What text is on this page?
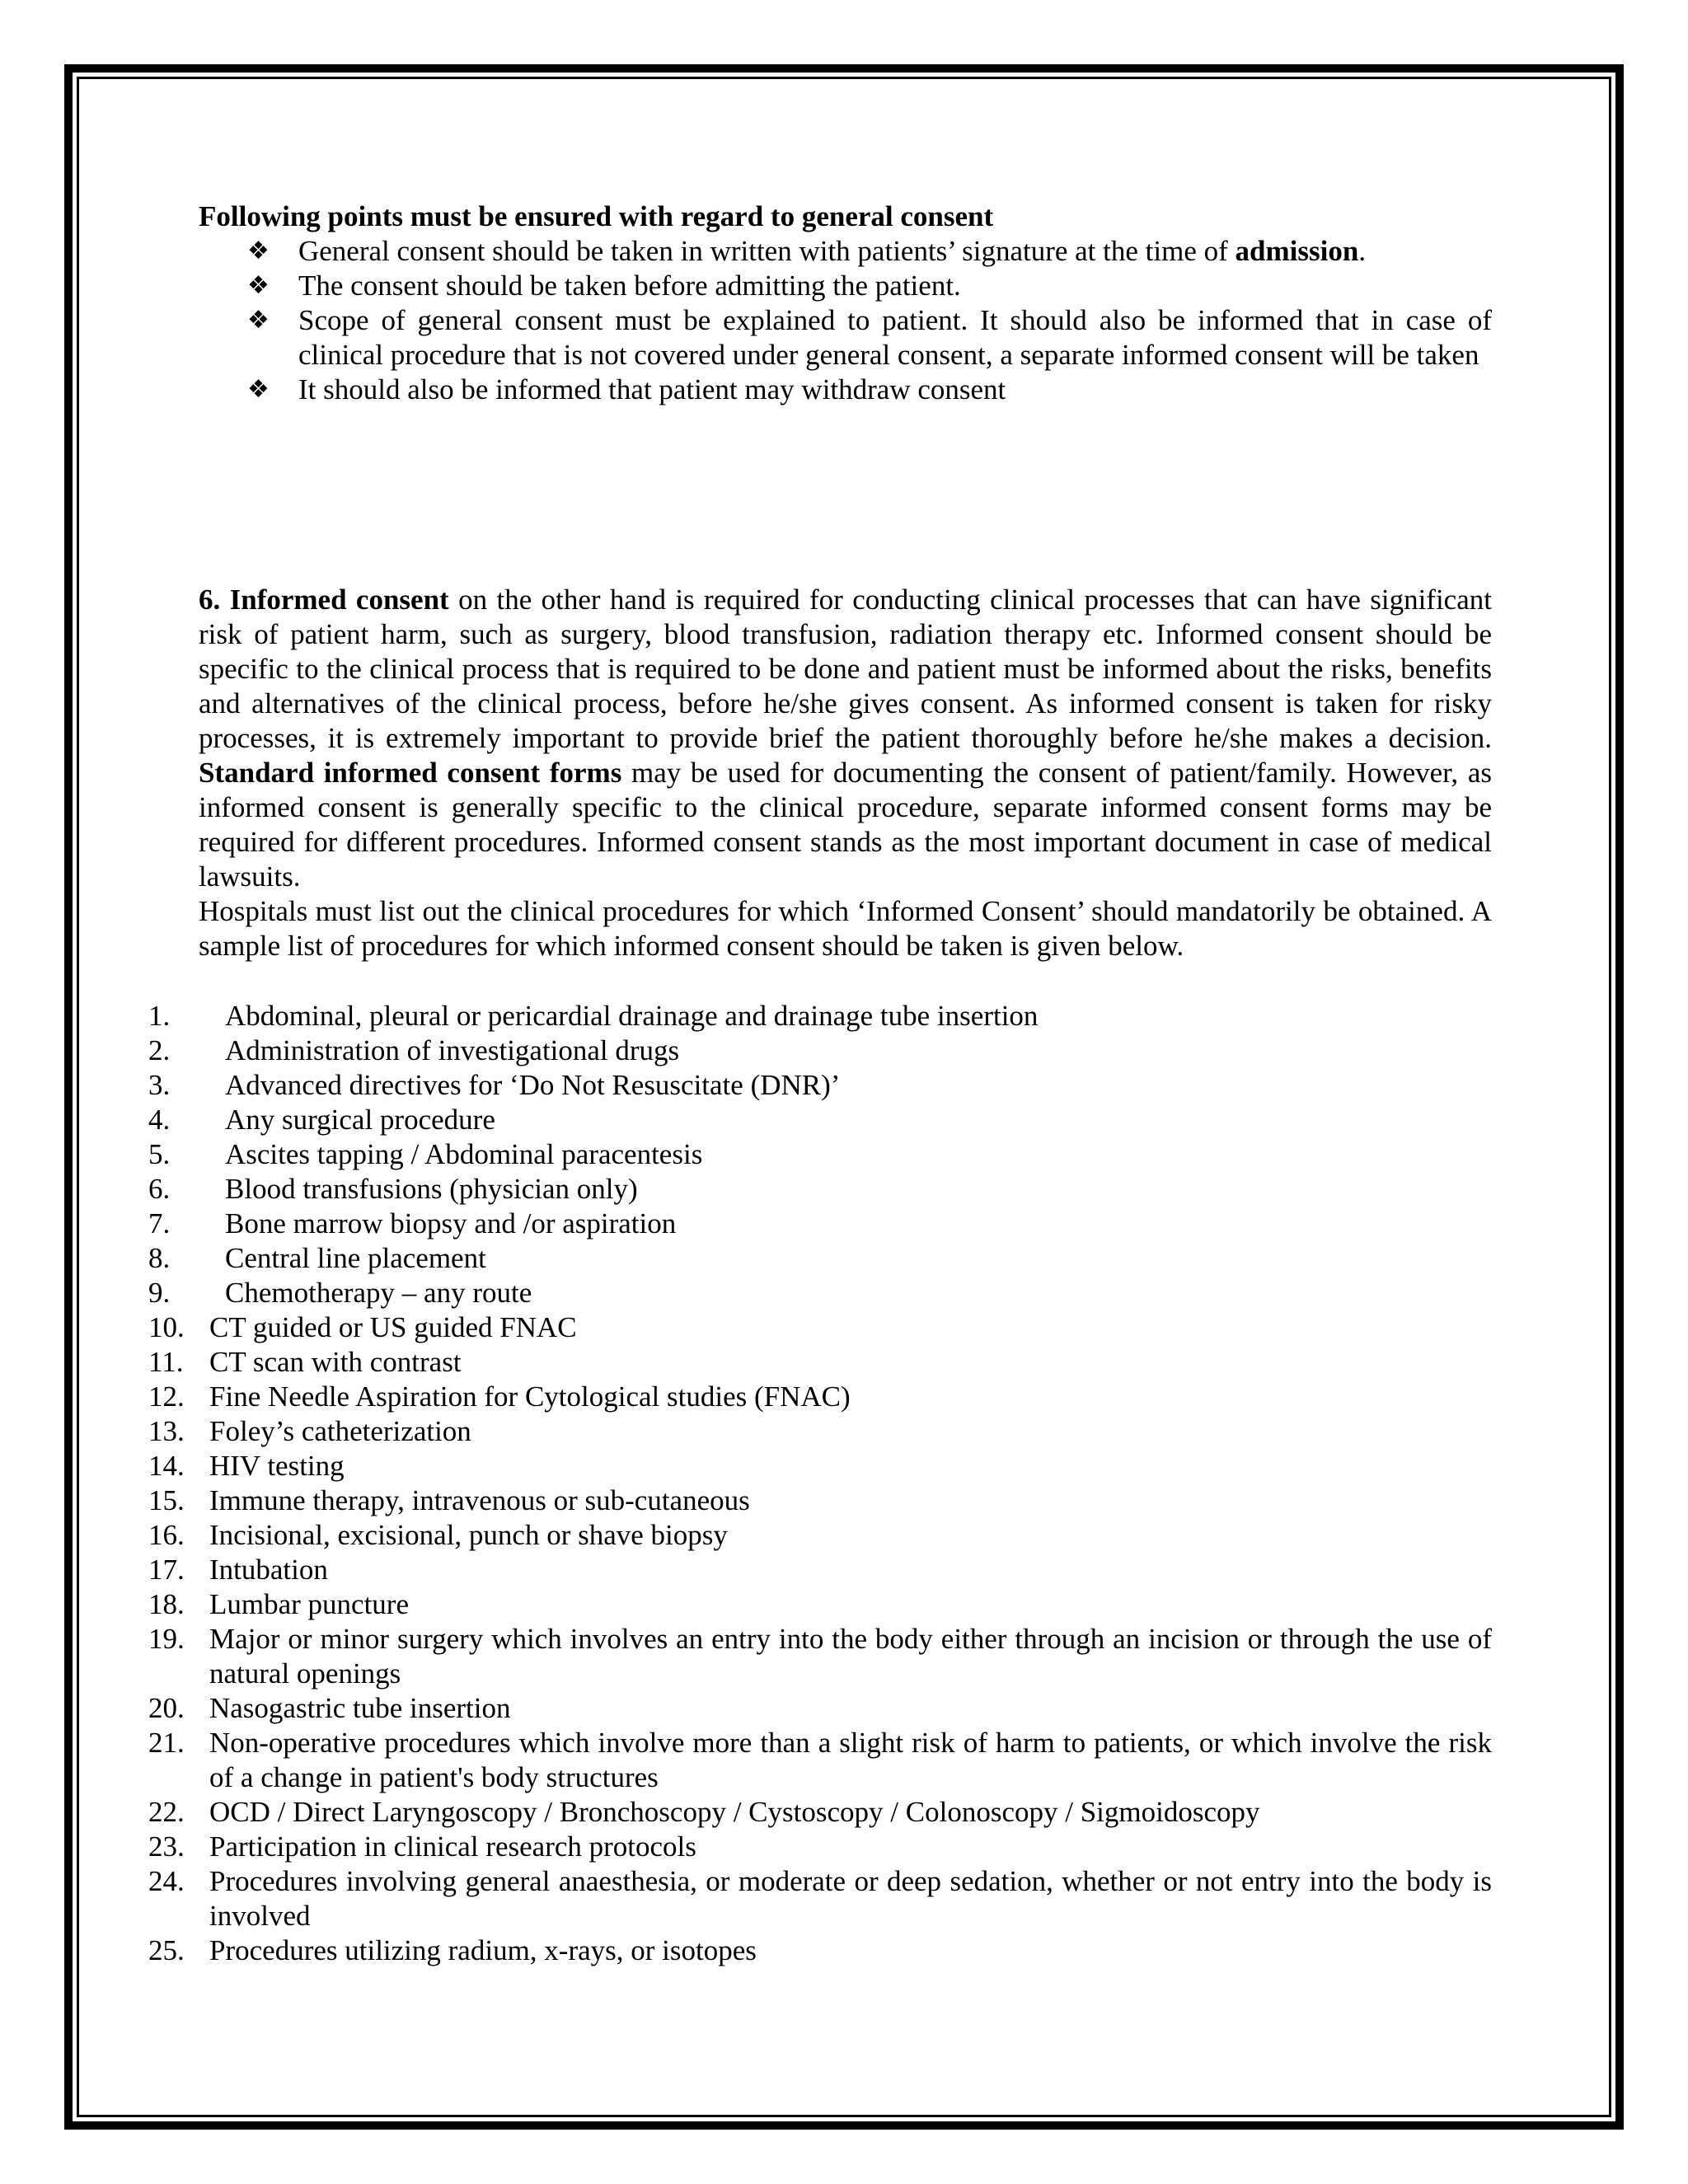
Following points must be ensured with regard to general consent
❖	General consent should be taken in written with patients’ signature at the time of admission.
❖	The consent should be taken before admitting the patient.
❖	Scope of general consent must be explained to patient. It should also be informed that in case of clinical procedure that is not covered under general consent, a separate informed consent will be taken
❖	It should also be informed that patient may withdraw consent

6. Informed consent on the other hand is required for conducting clinical processes that can have significant risk of patient harm, such as surgery, blood transfusion, radiation therapy etc. Informed consent should be specific to the clinical process that is required to be done and patient must be informed about the risks, benefits and alternatives of the clinical process, before he/she gives consent. As informed consent is taken for risky processes, it is extremely important to provide brief the patient thoroughly before he/she makes a decision. Standard informed consent forms may be used for documenting the consent of patient/family. However, as informed consent is generally specific to the clinical procedure, separate informed consent forms may be required for different procedures. Informed consent stands as the most important document in case of medical lawsuits.

Hospitals must list out the clinical procedures for which ‘Informed Consent’ should mandatorily be obtained. A sample list of procedures for which informed consent should be taken is given below.

1. Abdominal, pleural or pericardial drainage and drainage tube insertion
2. Administration of investigational drugs
3. Advanced directives for ‘Do Not Resuscitate (DNR)’
4. Any surgical procedure
5. Ascites tapping / Abdominal paracentesis
6. Blood transfusions (physician only)
7. Bone marrow biopsy and /or aspiration
8. Central line placement
9. Chemotherapy – any route
10. CT guided or US guided FNAC
11. CT scan with contrast
12. Fine Needle Aspiration for Cytological studies (FNAC)
13. Foley’s catheterization
14. HIV testing
15. Immune therapy, intravenous or sub-cutaneous
16. Incisional, excisional, punch or shave biopsy
17. Intubation
18. Lumbar puncture
19. Major or minor surgery which involves an entry into the body either through an incision or through the use of natural openings
20. Nasogastric tube insertion
21. Non-operative procedures which involve more than a slight risk of harm to patients, or which involve the risk of a change in patient's body structures
22. OCD / Direct Laryngoscopy / Bronchoscopy / Cystoscopy / Colonoscopy / Sigmoidoscopy
23. Participation in clinical research protocols
24. Procedures involving general anaesthesia, or moderate or deep sedation, whether or not entry into the body is involved
25. Procedures utilizing radium, x-rays, or isotopes
